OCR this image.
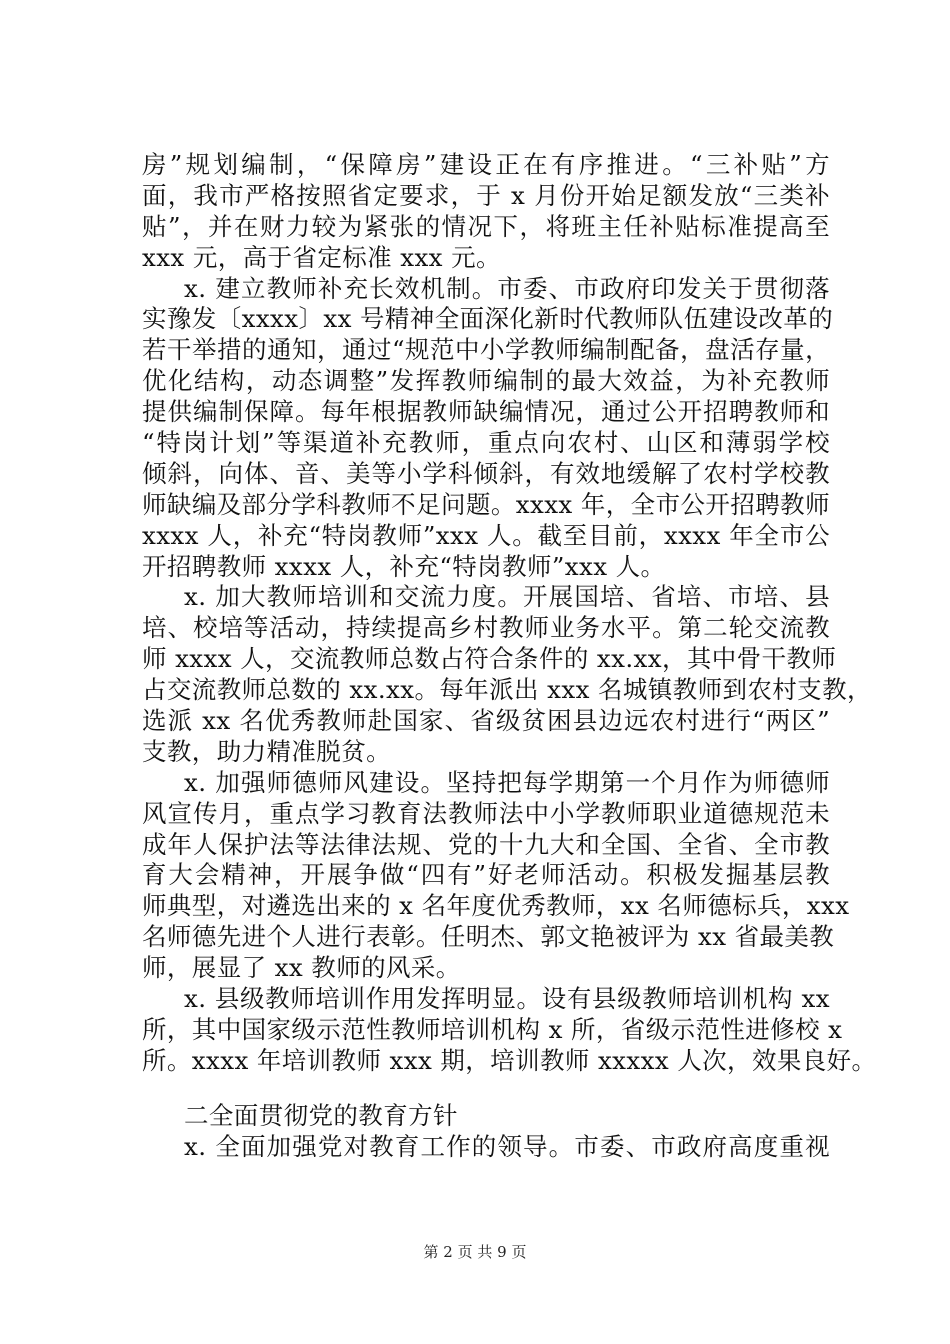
房”规划编制，“保障房”建设正在有序推进。“三补贴”方
面，我市严格按照省定要求，于 x 月份开始足额发放“三类补
贴”，并在财力较为紧张的情况下，将班主任补贴标准提高至
xxx 元，高于省定标准 xxx 元。
x. 建立教师补充长效机制。市委、市政府印发关于贯彻落
实豫发〔xxxx〕xx 号精神全面深化新时代教师队伍建设改革的
若干举措的通知，通过“规范中小学教师编制配备，盘活存量，
优化结构，动态调整”发挥教师编制的最大效益，为补充教师
提供编制保障。每年根据教师缺编情况，通过公开招聘教师和
“特岗计划”等渠道补充教师，重点向农村、山区和薄弱学校
倾斜，向体、音、美等小学科倾斜，有效地缓解了农村学校教
师缺编及部分学科教师不足问题。xxxx 年，全市公开招聘教师
xxxx 人，补充“特岗教师”xxx 人。截至目前，xxxx 年全市公
开招聘教师 xxxx 人，补充“特岗教师”xxx 人。
x. 加大教师培训和交流力度。开展国培、省培、市培、县
培、校培等活动，持续提高乡村教师业务水平。第二轮交流教
师 xxxx 人，交流教师总数占符合条件的 xx.xx，其中骨干教师
占交流教师总数的 xx.xx。每年派出 xxx 名城镇教师到农村支教，
选派 xx 名优秀教师赴国家、省级贫困县边远农村进行“两区”
支教，助力精准脱贫。
x. 加强师德师风建设。坚持把每学期第一个月作为师德师
风宣传月，重点学习教育法教师法中小学教师职业道德规范未
成年人保护法等法律法规、党的十九大和全国、全省、全市教
育大会精神，开展争做“四有”好老师活动。积极发掘基层教
师典型，对遴选出来的 x 名年度优秀教师，xx 名师德标兵，xxx
名师德先进个人进行表彰。任明杰、郭文艳被评为 xx 省最美教
师，展显了 xx 教师的风采。
x. 县级教师培训作用发挥明显。设有县级教师培训机构 xx
所，其中国家级示范性教师培训机构 x 所，省级示范性进修校 x
所。xxxx 年培训教师 xxx 期，培训教师 xxxxx 人次，效果良好。
二全面贯彻党的教育方针
x. 全面加强党对教育工作的领导。市委、市政府高度重视
第 2 页 共 9 页
